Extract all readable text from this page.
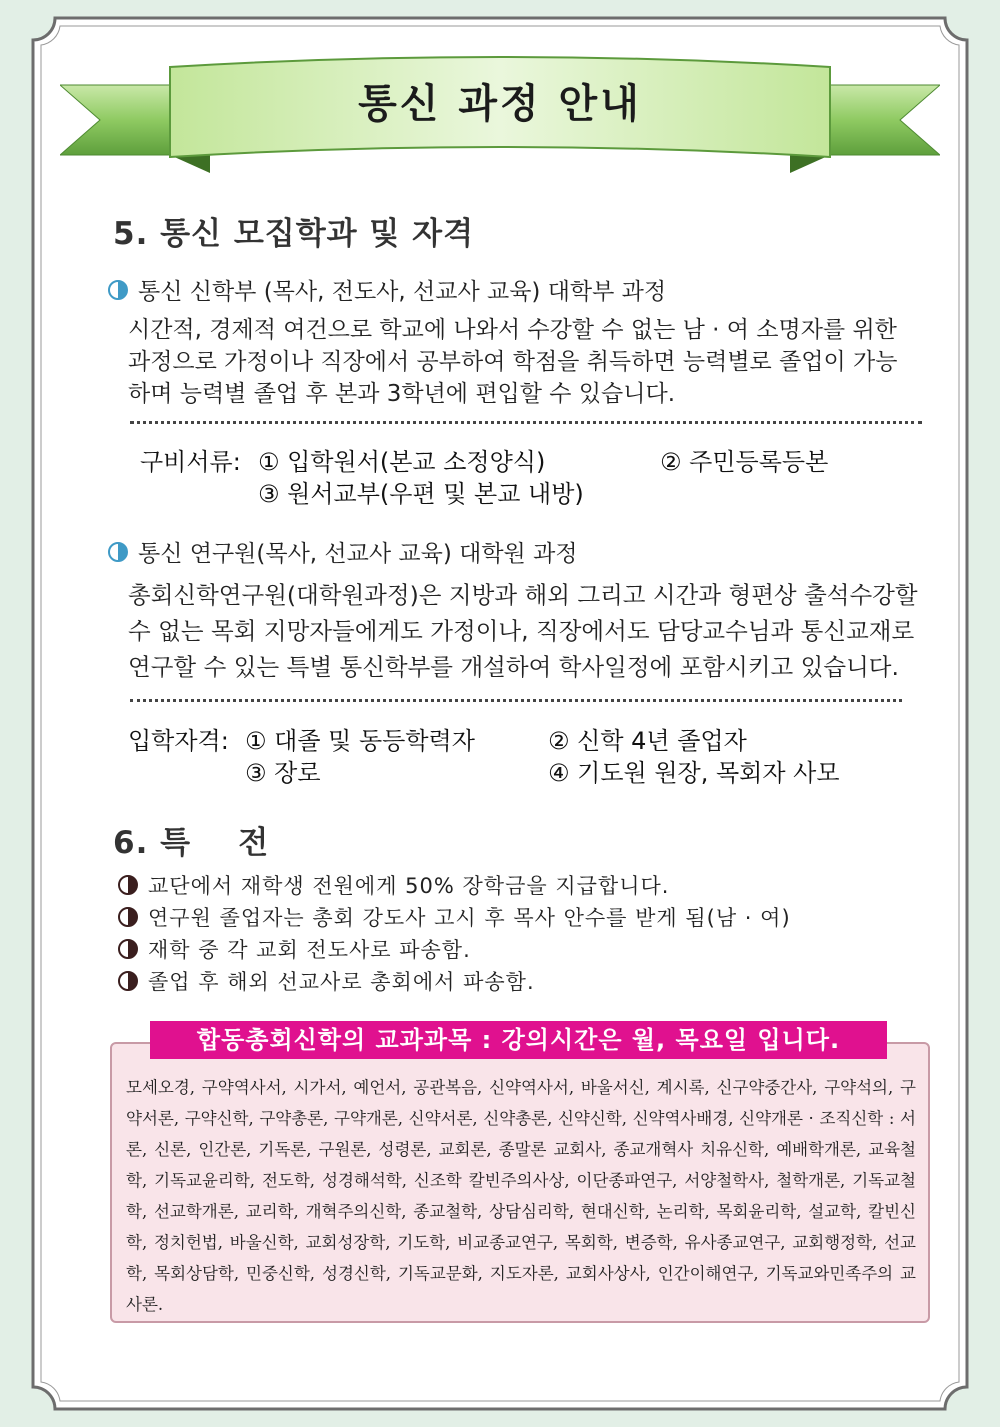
통신 과정 안내
5. 통신 모집학과 및 자격
통신 신학부 (목사, 전도사, 선교사 교육) 대학부 과정
시간적, 경제적 여건으로 학교에 나와서 수강할 수 없는 남 · 여 소명자를 위한
과정으로 가정이나 직장에서 공부하여 학점을 취득하면 능력별로 졸업이 가능
하며 능력별 졸업 후 본과 3학년에 편입할 수 있습니다.
구비서류: ① 입학원서(본교 소정양식)	② 주민등록등본
③ 원서교부(우편 및 본교 내방)
통신 연구원(목사, 선교사 교육) 대학원 과정
총회신학연구원(대학원과정)은 지방과 해외 그리고 시간과 형편상 출석수강할
수 없는 목회 지망자들에게도 가정이나, 직장에서도 담당교수님과 통신교재로
연구할 수 있는 특별 통신학부를 개설하여 학사일정에 포함시키고 있습니다.
입학자격: ① 대졸 및 동등학력자	② 신학 4년 졸업자
③ 장로	④ 기도원 원장, 목회자 사모
6. 특    전
교단에서 재학생 전원에게 50% 장학금을 지급합니다.
연구원 졸업자는 총회 강도사 고시 후 목사 안수를 받게 됨(남 · 여)
재학 중 각 교회 전도사로 파송함.
졸업 후 해외 선교사로 총회에서 파송함.
합동총회신학의 교과과목 : 강의시간은 월, 목요일 입니다.
모세오경, 구약역사서, 시가서, 예언서, 공관복음, 신약역사서, 바울서신, 계시록, 신구약중간사, 구약석의, 구약서론, 구약신학, 구약총론, 구약개론, 신약서론, 신약총론, 신약신학, 신약역사배경, 신약개론 · 조직신학 : 서론, 신론, 인간론, 기독론, 구원론, 성령론, 교회론, 종말론 교회사, 종교개혁사 치유신학, 예배학개론, 교육철학, 기독교윤리학, 전도학, 성경해석학, 신조학 칼빈주의사상, 이단종파연구, 서양철학사, 철학개론, 기독교철학, 선교학개론, 교리학, 개혁주의신학, 종교철학, 상담심리학, 현대신학, 논리학, 목회윤리학, 설교학, 칼빈신학, 정치헌법, 바울신학, 교회성장학, 기도학, 비교종교연구, 목회학, 변증학, 유사종교연구, 교회행정학, 선교학, 목회상담학, 민중신학, 성경신학, 기독교문화, 지도자론, 교회사상사, 인간이해연구, 기독교와민족주의 교사론.
